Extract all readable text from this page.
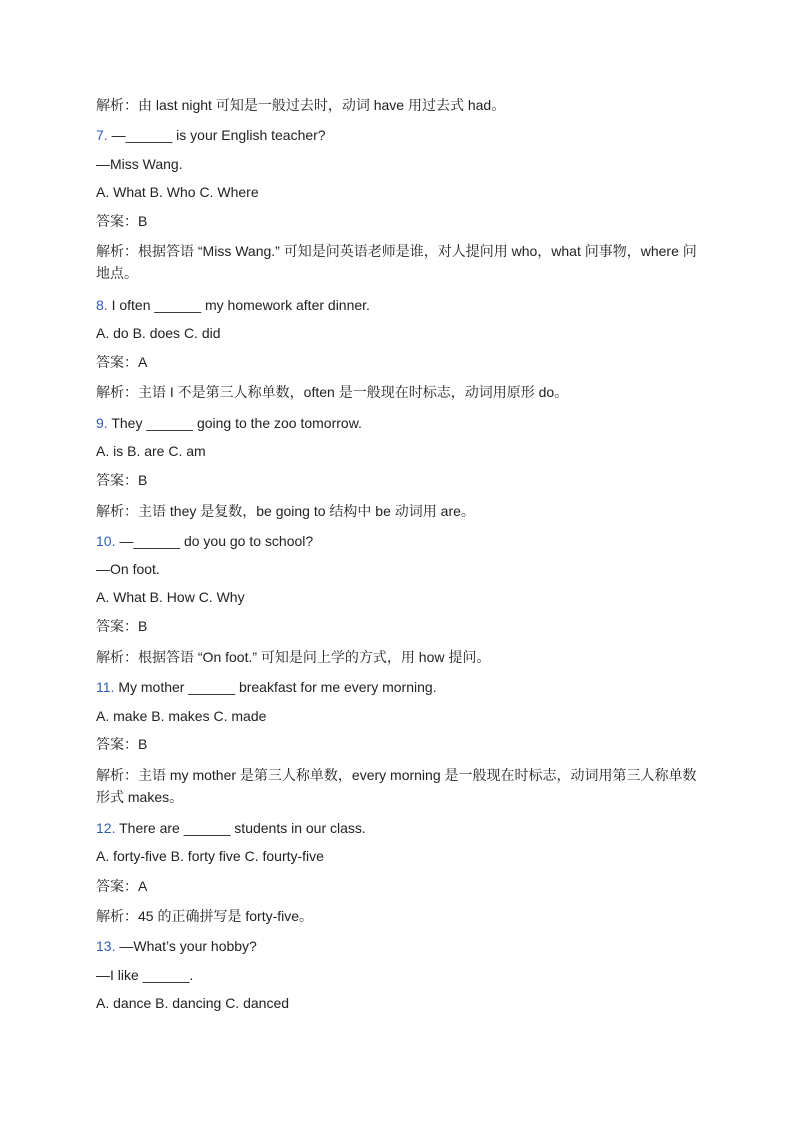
解析：由 last night 可知是一般过去时，动词 have 用过去式 had。
7. —______ is your English teacher?
—Miss Wang.
A. What B. Who C. Where
答案：B
解析：根据答语 “Miss Wang.” 可知是问英语老师是谁，对人提问用 who，what 问事物，where 问地点。
8. I often ______ my homework after dinner.
A. do B. does C. did
答案：A
解析：主语 I 不是第三人称单数，often 是一般现在时标志，动词用原形 do。
9. They ______ going to the zoo tomorrow.
A. is B. are C. am
答案：B
解析：主语 they 是复数，be going to 结构中 be 动词用 are。
10. —______ do you go to school?
—On foot.
A. What B. How C. Why
答案：B
解析：根据答语 “On foot.” 可知是问上学的方式，用 how 提问。
11. My mother ______ breakfast for me every morning.
A. make B. makes C. made
答案：B
解析：主语 my mother 是第三人称单数，every morning 是一般现在时标志，动词用第三人称单数形式 makes。
12. There are ______ students in our class.
A. forty-five B. forty five C. fourty-five
答案：A
解析：45 的正确拼写是 forty-five。
13. —What’s your hobby?
—I like ______.
A. dance B. dancing C. danced
